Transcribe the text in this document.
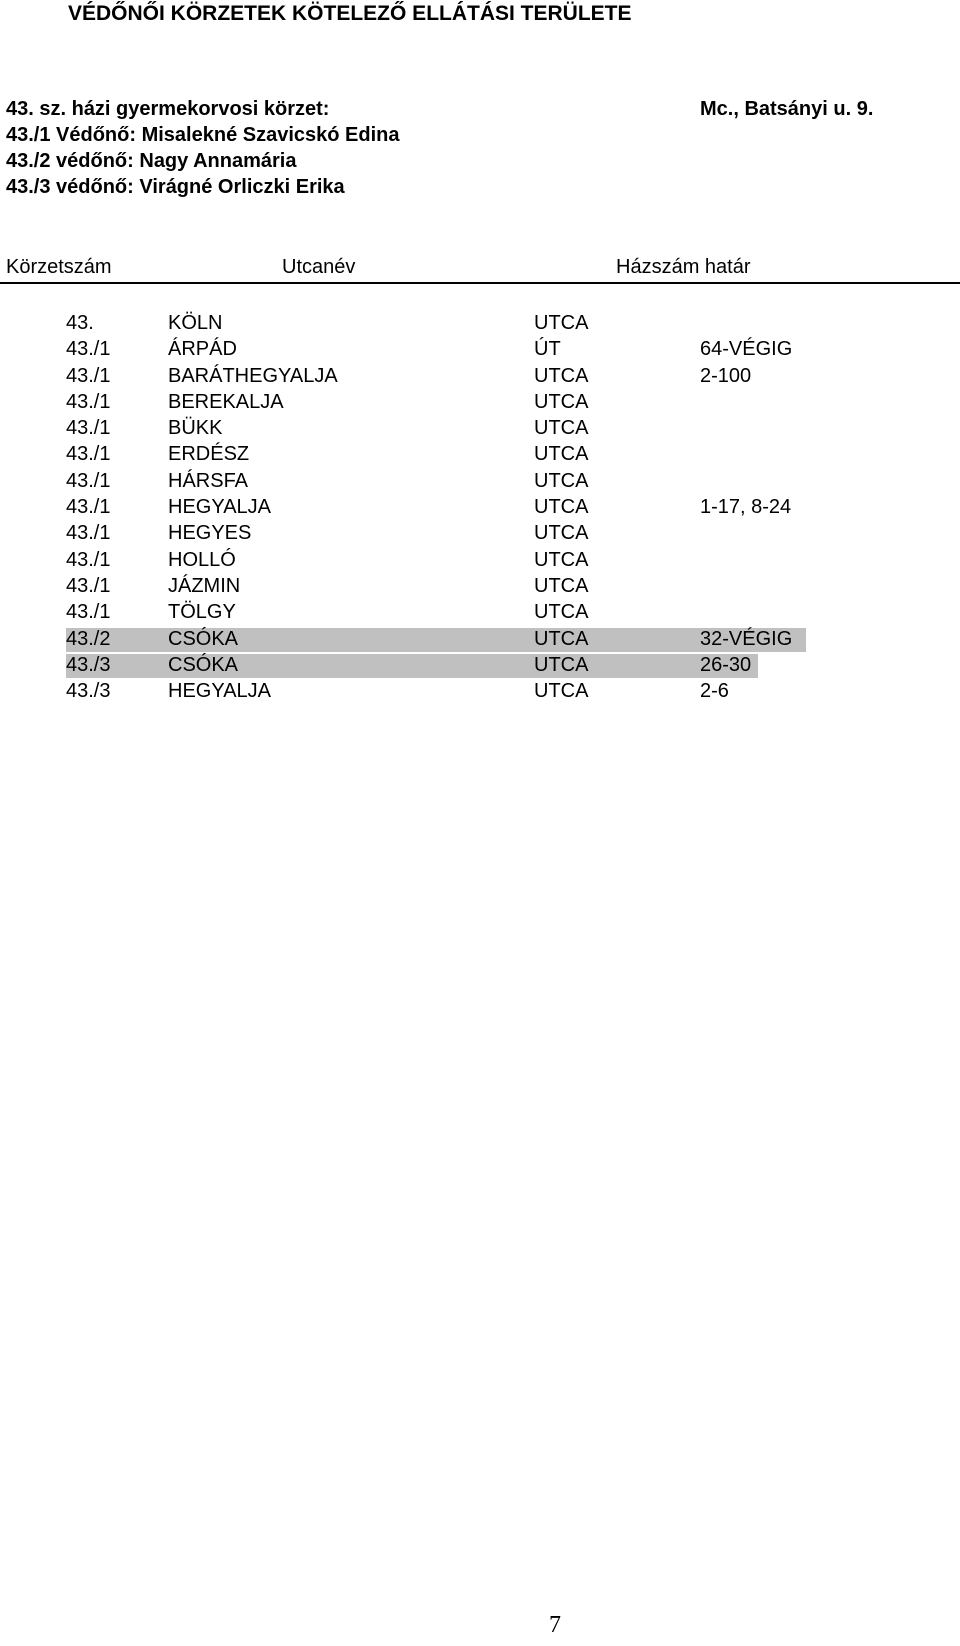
VÉDŐNŐI KÖRZETEK KÖTELEZŐ ELLÁTÁSI TERÜLETE
43. sz. házi gyermekorvosi körzet:	Mc., Batsányi u. 9.
43./1 Védőnő: Misalekné Szavicskó Edina
43./2 védőnő: Nagy Annamária
43./3 védőnő: Virágné Orliczki Erika
Körzetszám	Utcanév	Házszám határ
43.	KÖLN	UTCA
43./1	ÁRPÁD	ÚT	64-VÉGIG
43./1	BARÁTHEGYALJA	UTCA	2-100
43./1	BEREKALJA	UTCA
43./1	BÜKK	UTCA
43./1	ERDÉSZ	UTCA
43./1	HÁRSFA	UTCA
43./1	HEGYALJA	UTCA	1-17, 8-24
43./1	HEGYES	UTCA
43./1	HOLLÓ	UTCA
43./1	JÁZMIN	UTCA
43./1	TÖLGY	UTCA
43./2	CSÓKA	UTCA	32-VÉGIG
43./3	CSÓKA	UTCA	26-30
43./3	HEGYALJA	UTCA	2-6
7
